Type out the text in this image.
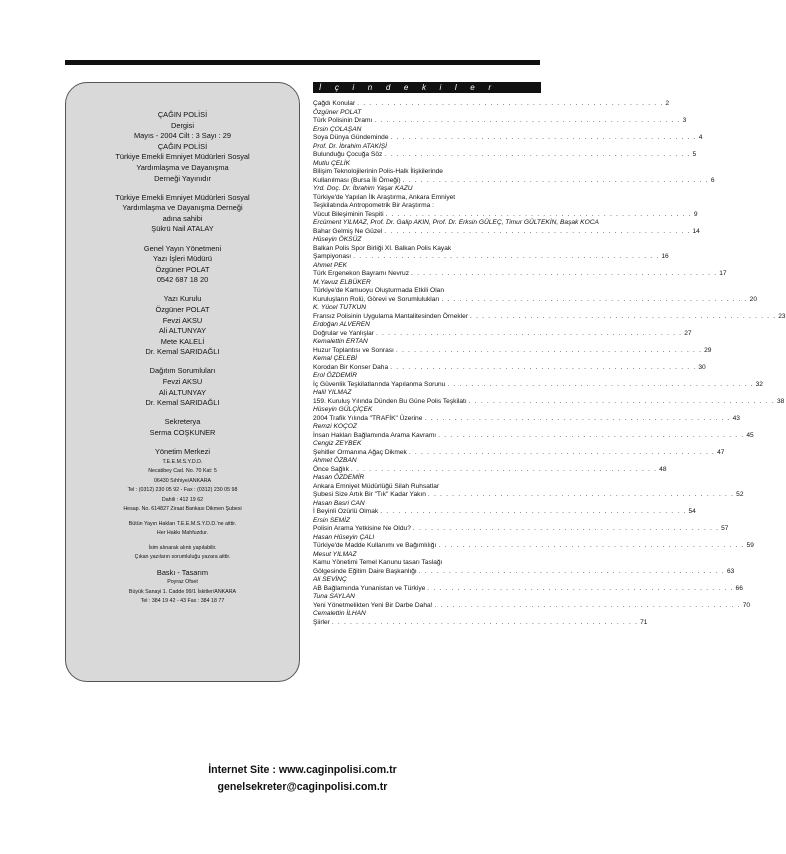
ÇAĞIN POLİSİ

Dergisi

Mayıs - 2004 Cilt : 3 Sayı : 29

ÇAĞIN POLİSİ

Türkiye Emekli Emniyet Müdürleri Sosyal

Yardımlaşma ve Dayanışma

Derneği Yayınıdır

Türkiye Emekli Emniyet Müdürleri Sosyal

Yardımlaşma ve Dayanışma Derneği

adına sahibi

Şükrü Nail ATALAY

Genel Yayın Yönetmeni

Yazı İşleri Müdürü

Özgüner POLAT

0542 687 18 20

Yazı Kurulu

Özgüner POLAT

Fevzi AKSU

Ali ALTUNYAY

Mete KALELİ

Dr. Kemal SARIDAĞLI

Dağıtım Sorumluları

Fevzi AKSU

Ali ALTUNYAY

Dr. Kemal SARIDAĞLI

Sekreterya

Serma COŞKUNER

Yönetim Merkezi

T.E.E.M.S.Y.D.D.

Necatibey Cad. No. 70 Kat: 5

06430 Sıhhiye/ANKARA

Tel : (0312) 230 05 92 - Fax : (0312) 230 05 98

Dahili : 412 19 62

Hesap. No. 614827 Ziraat Bankası Dikmen Şubesi

Bütün Yayın Hakları T.E.E.M.S.Y.D.D.'ne aittir.

Her Hakkı Mahfuzdur.

İsim alınarak alıntı yapılabilir.

Çıkan yazıların sorumluluğu yazara aittir.

Baskı - Tasarım

Poyraz Ofset

Büyük Sanayi 1. Cadde 99/1 İskitler/ANKARA

Tel : 384 19 42 - 43 Fax : 384 18 77

İçindekiler
Çağdı Konular . . . . . . . . . . . . . . . . . . . . . . . . . . . . . . . . . . . . . . . . . . . . . . . . . . . 2
Özgüner POLAT
Türk Polisinin Dramı . . . . . . . . . . . . . . . . . . . . . . . . . . . . . . . . . . . . . . . . . . . . . . . . . . . 3
Ersin ÇOLAŞAN
Soya Dünya Gündeminde . . . . . . . . . . . . . . . . . . . . . . . . . . . . . . . . . . . . . . . . . . . . . . . . . . . 4
Prof. Dr. İbrahim ATAKİŞİ
Bulunduğu Çocuğa Söz . . . . . . . . . . . . . . . . . . . . . . . . . . . . . . . . . . . . . . . . . . . . . . . . . . . 5
Mutlu ÇELİK
Bilişim Teknolojilerinin Polis-Halk İlişkilerinde
Kullanılması (Bursa İli Örneği) . . . . . . . . . . . . . . . . . . . . . . . . . . . . . . . . . . . . . . . . . . . . . . . . . . . 6
Yrd. Doç. Dr. İbrahim Yaşar KAZU
Türkiye'de Yapılan İlk Araştırma, Ankara Emniyet
Teşkilatında Antropometrik Bir Araştırma :
Vücut Bileşiminin Tespiti . . . . . . . . . . . . . . . . . . . . . . . . . . . . . . . . . . . . . . . . . . . . . . . . . . . 9
Ercüment YILMAZ, Prof. Dr. Galip AKIN, Prof. Dr. Erksin GÜLEÇ, Timur GÜLTEKİN, Başak KOCA
Bahar Gelmiş Ne Güzel . . . . . . . . . . . . . . . . . . . . . . . . . . . . . . . . . . . . . . . . . . . . . . . . . . . 14
Hüseyin ÖKSÜZ
Balkan Polis Spor Birliği XI. Balkan Polis Kayak
Şampiyonası . . . . . . . . . . . . . . . . . . . . . . . . . . . . . . . . . . . . . . . . . . . . . . . . . . . 16
Ahmet PEK
Türk Ergenekon Bayramı Nevruz . . . . . . . . . . . . . . . . . . . . . . . . . . . . . . . . . . . . . . . . . . . . . . . . . . . 17
M.Yavuz ELBÜKER
Türkiye'de Kamuoyu Oluşturmada Etkili Olan
Kuruluşların Rolü, Görevi ve Sorumlulukları . . . . . . . . . . . . . . . . . . . . . . . . . . . . . . . . . . . . . . . . . . . . . . . . . . . 20
K. Yücel TUTKUN
Fransız Polisinin Uygulama Mantalitesinden Örnekler . . . . . . . . . . . . . . . . . . . . . . . . . . . . . . . . . . . . . . . . . . . . . . . . . . . 23
Erdoğan ALVEREN
Doğrular ve Yanlışlar . . . . . . . . . . . . . . . . . . . . . . . . . . . . . . . . . . . . . . . . . . . . . . . . . . . 27
Kemalettin ERTAN
Huzur Toplantısı ve Sonrası . . . . . . . . . . . . . . . . . . . . . . . . . . . . . . . . . . . . . . . . . . . . . . . . . . . 29
Kemal ÇELEBİ
Korodan Bir Konser Daha . . . . . . . . . . . . . . . . . . . . . . . . . . . . . . . . . . . . . . . . . . . . . . . . . . . 30
Erol ÖZDEMİR
İç Güvenlik Teşkilatlarında Yapılanma Sorunu . . . . . . . . . . . . . . . . . . . . . . . . . . . . . . . . . . . . . . . . . . . . . . . . . . . 32
Halil YILMAZ
159. Kuruluş Yılında Dünden Bu Güne Polis Teşkilatı . . . . . . . . . . . . . . . . . . . . . . . . . . . . . . . . . . . . . . . . . . . . . . . . . . . 38
Hüseyin GÜLÇİÇEK
2004 Trafik Yılında "TRAFİK" Üzerine . . . . . . . . . . . . . . . . . . . . . . . . . . . . . . . . . . . . . . . . . . . . . . . . . . . 43
Remzi KOÇOZ
İnsan Hakları Bağlamında Arama Kavramı . . . . . . . . . . . . . . . . . . . . . . . . . . . . . . . . . . . . . . . . . . . . . . . . . . . 45
Cengiz ZEYBEK
Şehitler Ormanına Ağaç Dikmek . . . . . . . . . . . . . . . . . . . . . . . . . . . . . . . . . . . . . . . . . . . . . . . . . . . 47
Ahmet ÖZBAN
Önce Sağlık . . . . . . . . . . . . . . . . . . . . . . . . . . . . . . . . . . . . . . . . . . . . . . . . . . . 48
Hasan ÖZDEMİR
Ankara Emniyet Müdürlüğü Silah Ruhsatlar
Şubesi Size Artık Bir "Tık" Kadar Yakın . . . . . . . . . . . . . . . . . . . . . . . . . . . . . . . . . . . . . . . . . . . . . . . . . . . 52
Hasan Basri CAN
İ Beyinli Ozürlü Olmak . . . . . . . . . . . . . . . . . . . . . . . . . . . . . . . . . . . . . . . . . . . . . . . . . . . 54
Ersin SEMİZ
Polisin Arama Yetkisine Ne Oldu? . . . . . . . . . . . . . . . . . . . . . . . . . . . . . . . . . . . . . . . . . . . . . . . . . . . 57
Hasan Hüseyin ÇALI
Türkiye'de Madde Kullanımı ve Bağımlılığı . . . . . . . . . . . . . . . . . . . . . . . . . . . . . . . . . . . . . . . . . . . . . . . . . . . 59
Mesut YILMAZ
Kamu Yönetimi Temel Kanunu tasarı Taslağı
Gölgesinde Eğitim Daire Başkanlığı . . . . . . . . . . . . . . . . . . . . . . . . . . . . . . . . . . . . . . . . . . . . . . . . . . . 63
Ali SEVİNÇ
AB Bağlamında Yunanistan ve Türkiye . . . . . . . . . . . . . . . . . . . . . . . . . . . . . . . . . . . . . . . . . . . . . . . . . . . 66
Tuna SAYLAN
Yeni Yönetmelikten Yeni Bir Darbe Daha! . . . . . . . . . . . . . . . . . . . . . . . . . . . . . . . . . . . . . . . . . . . . . . . . . . . 70
Cemalettin İLHAN
Şiirler . . . . . . . . . . . . . . . . . . . . . . . . . . . . . . . . . . . . . . . . . . . . . . . . . . . 71
İnternet Site : www.caginpolisi.com.tr
genelsekreter@caginpolisi.com.tr
